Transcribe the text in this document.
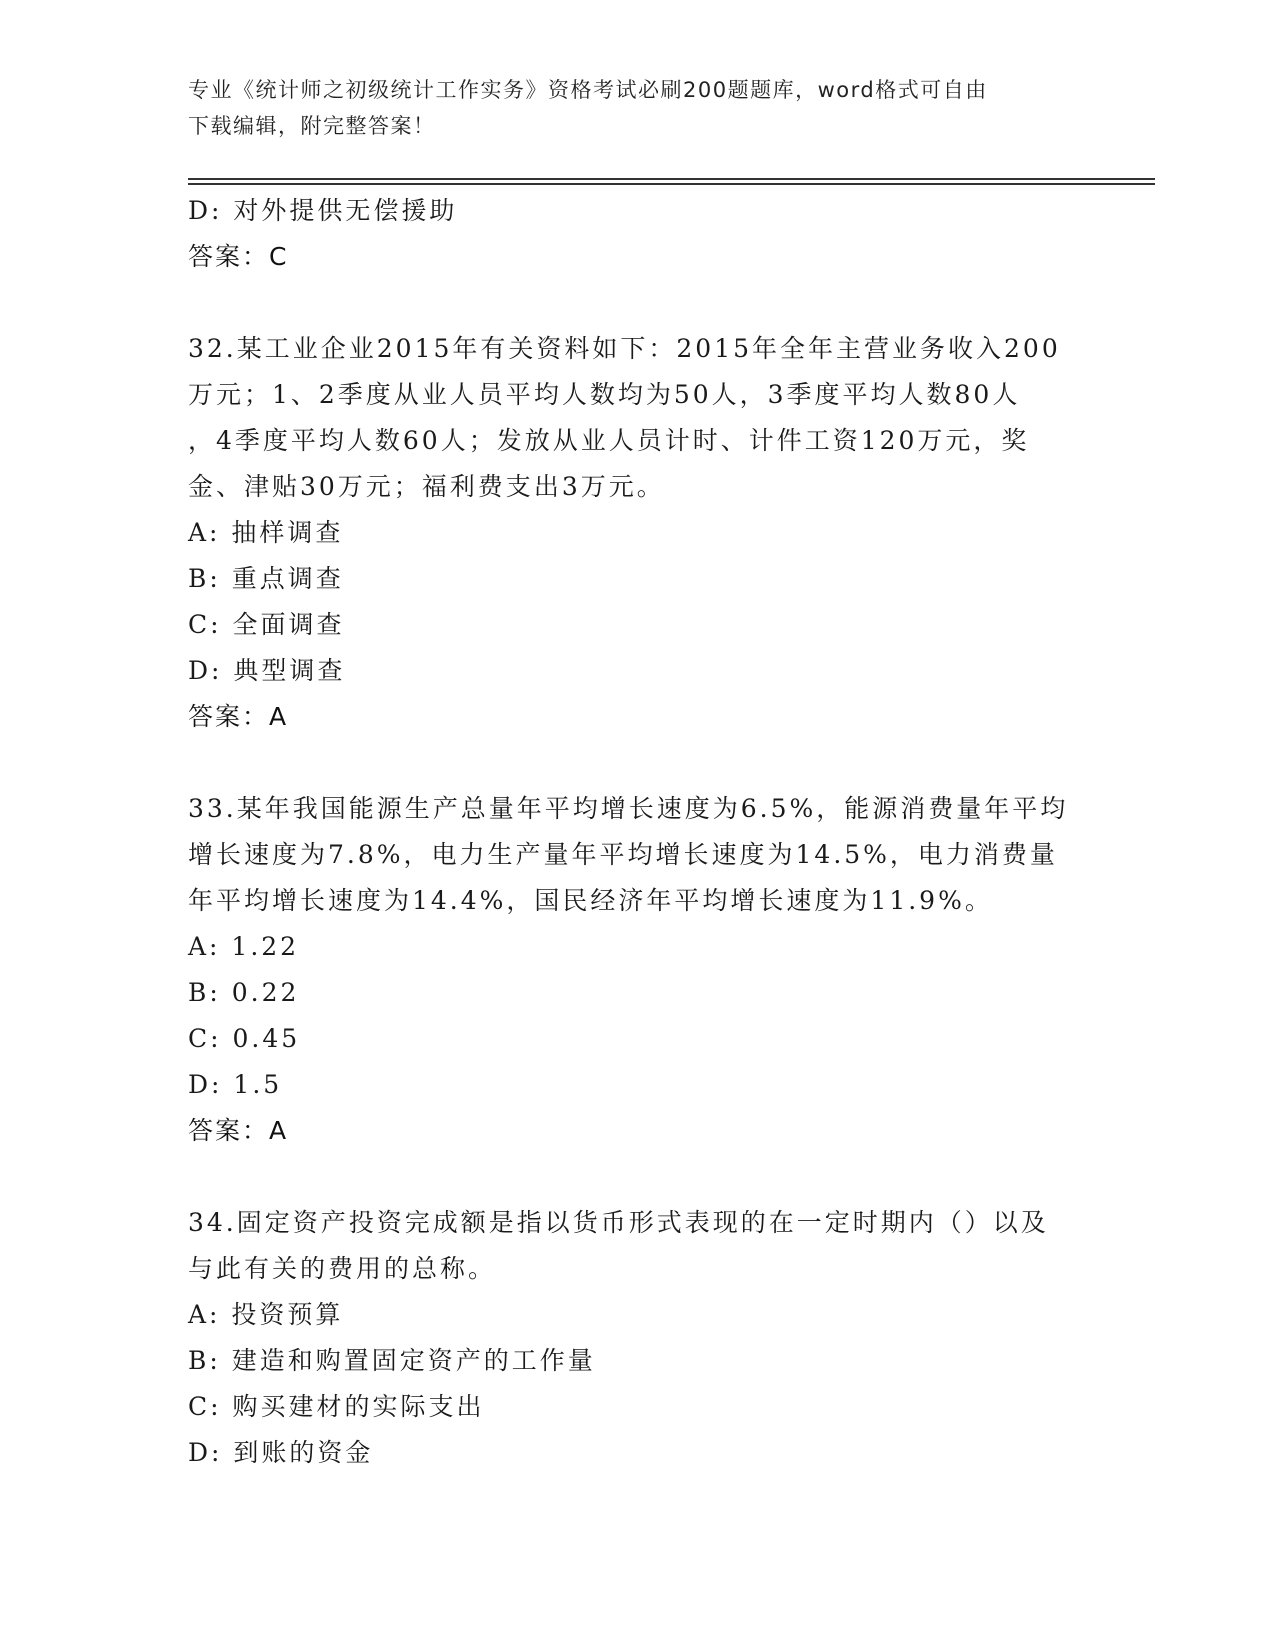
专业《统计师之初级统计工作实务》资格考试必刷200题题库，word格式可自由
下载编辑，附完整答案！
D: 对外提供无偿援助
答案：C
32.某工业企业2015年有关资料如下：2015年全年主营业务收入200
万元；1、2季度从业人员平均人数均为50人，3季度平均人数80人
，4季度平均人数60人；发放从业人员计时、计件工资120万元，奖
金、津贴30万元；福利费支出3万元。
A: 抽样调查
B: 重点调查
C: 全面调查
D: 典型调查
答案：A
33.某年我国能源生产总量年平均增长速度为6.5%，能源消费量年平均
增长速度为7.8%，电力生产量年平均增长速度为14.5%，电力消费量
年平均增长速度为14.4%，国民经济年平均增长速度为11.9%。
A: 1.22
B: 0.22
C: 0.45
D: 1.5
答案：A
34.固定资产投资完成额是指以货币形式表现的在一定时期内（）以及
与此有关的费用的总称。
A: 投资预算
B: 建造和购置固定资产的工作量
C: 购买建材的实际支出
D: 到账的资金
